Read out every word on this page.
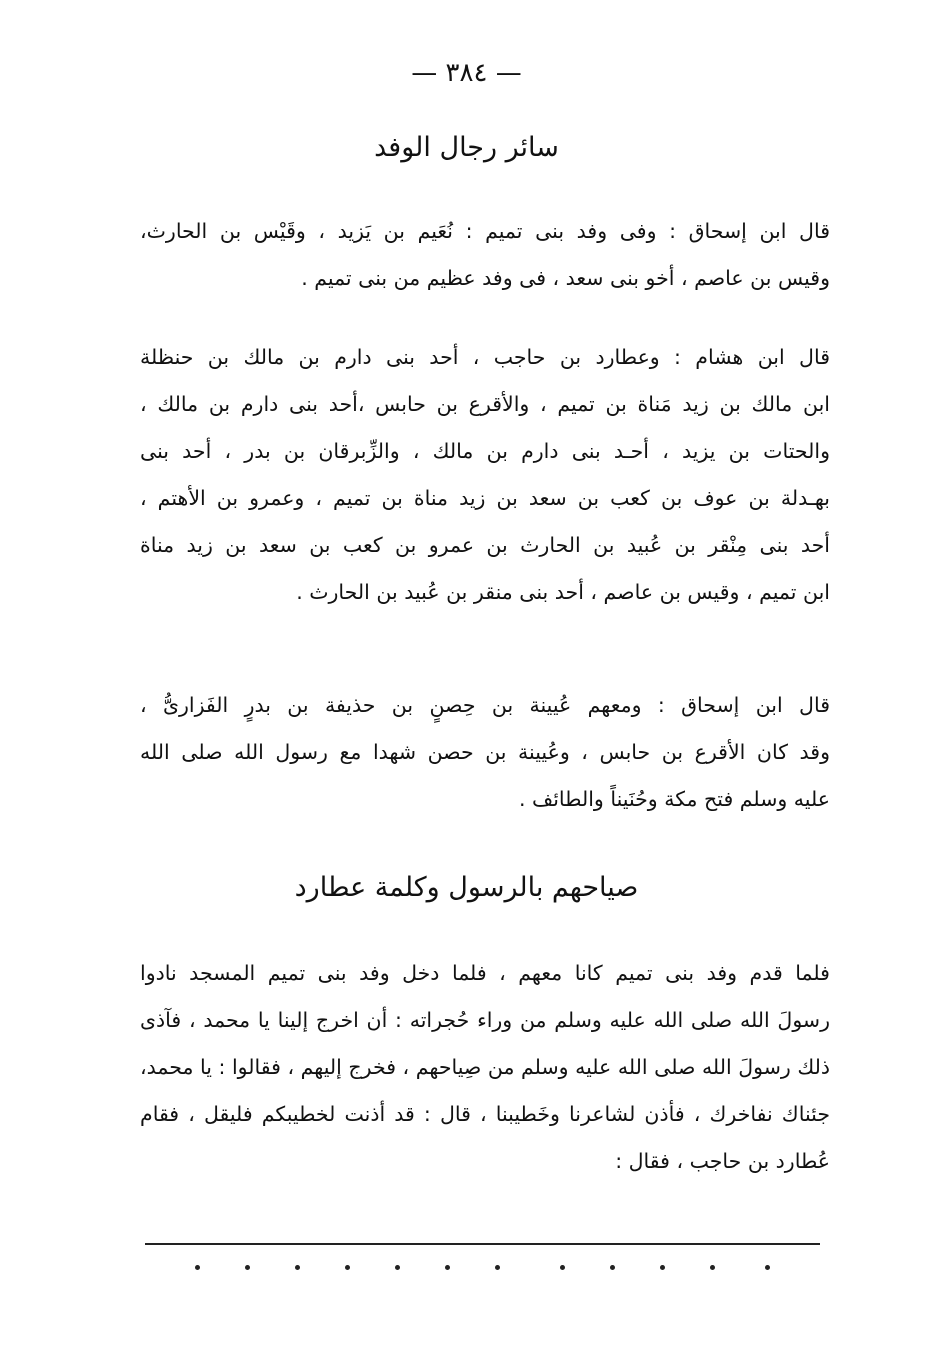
— ٣٨٤ —
سائر رجال الوفد
قال ابن إسحاق : وفى وفد بنى تميم : نُعَيم بن يَزيد ، وقَيْس بن الحارث،
وقيس بن عاصم ، أخو بنى سعد ، فى وفد عظيم من بنى تميم .
قال ابن هشام : وعطارد بن حاجب ، أحد بنى دارم بن مالك بن حنظلة
ابن مالك بن زيد مَناة بن تميم ، والأقرع بن حابس ،أحد بنى دارم بن مالك ،
والحتات بن يزيد ، أحـد بنى دارم بن مالك ، والزِّبرقان بن بدر ، أحد بنى
بهـدلة بن عوف بن كعب بن سعد بن زيد مناة بن تميم ، وعمرو بن الأهتم ،
أحد بنى مِنْقر بن عُبيد بن الحارث بن عمرو بن كعب بن سعد بن زيد مناة
ابن تميم ، وقيس بن عاصم ، أحد بنى منقر بن عُبيد بن الحارث .
قال ابن إسحاق : ومعهم عُيينة بن حِصنٍ بن حذيفة بن بدرٍ الفَزارىُّ ،
وقد كان الأقرع بن حابس ، وعُيينة بن حصن شهدا مع رسول الله صلى الله
عليه وسلم فتح مكة وحُنَيناً والطائف .
صياحهم بالرسول وكلمة عطارد
فلما قدم وفد بنى تميم كانا معهم ، فلما دخل وفد بنى تميم المسجد نادوا
رسولَ الله صلى الله عليه وسلم من وراء حُجراته : أن اخرج إلينا يا محمد ، فآذى
ذلك رسولَ الله صلى الله عليه وسلم من صِياحهم ، فخرج إليهم ، فقالوا : يا محمد،
جئناك نفاخرك ، فأذن لشاعرنا وخَطيبنا ، قال : قد أذنت لخطيبكم فليقل ، فقام
عُطارد بن حاجب ، فقال :
